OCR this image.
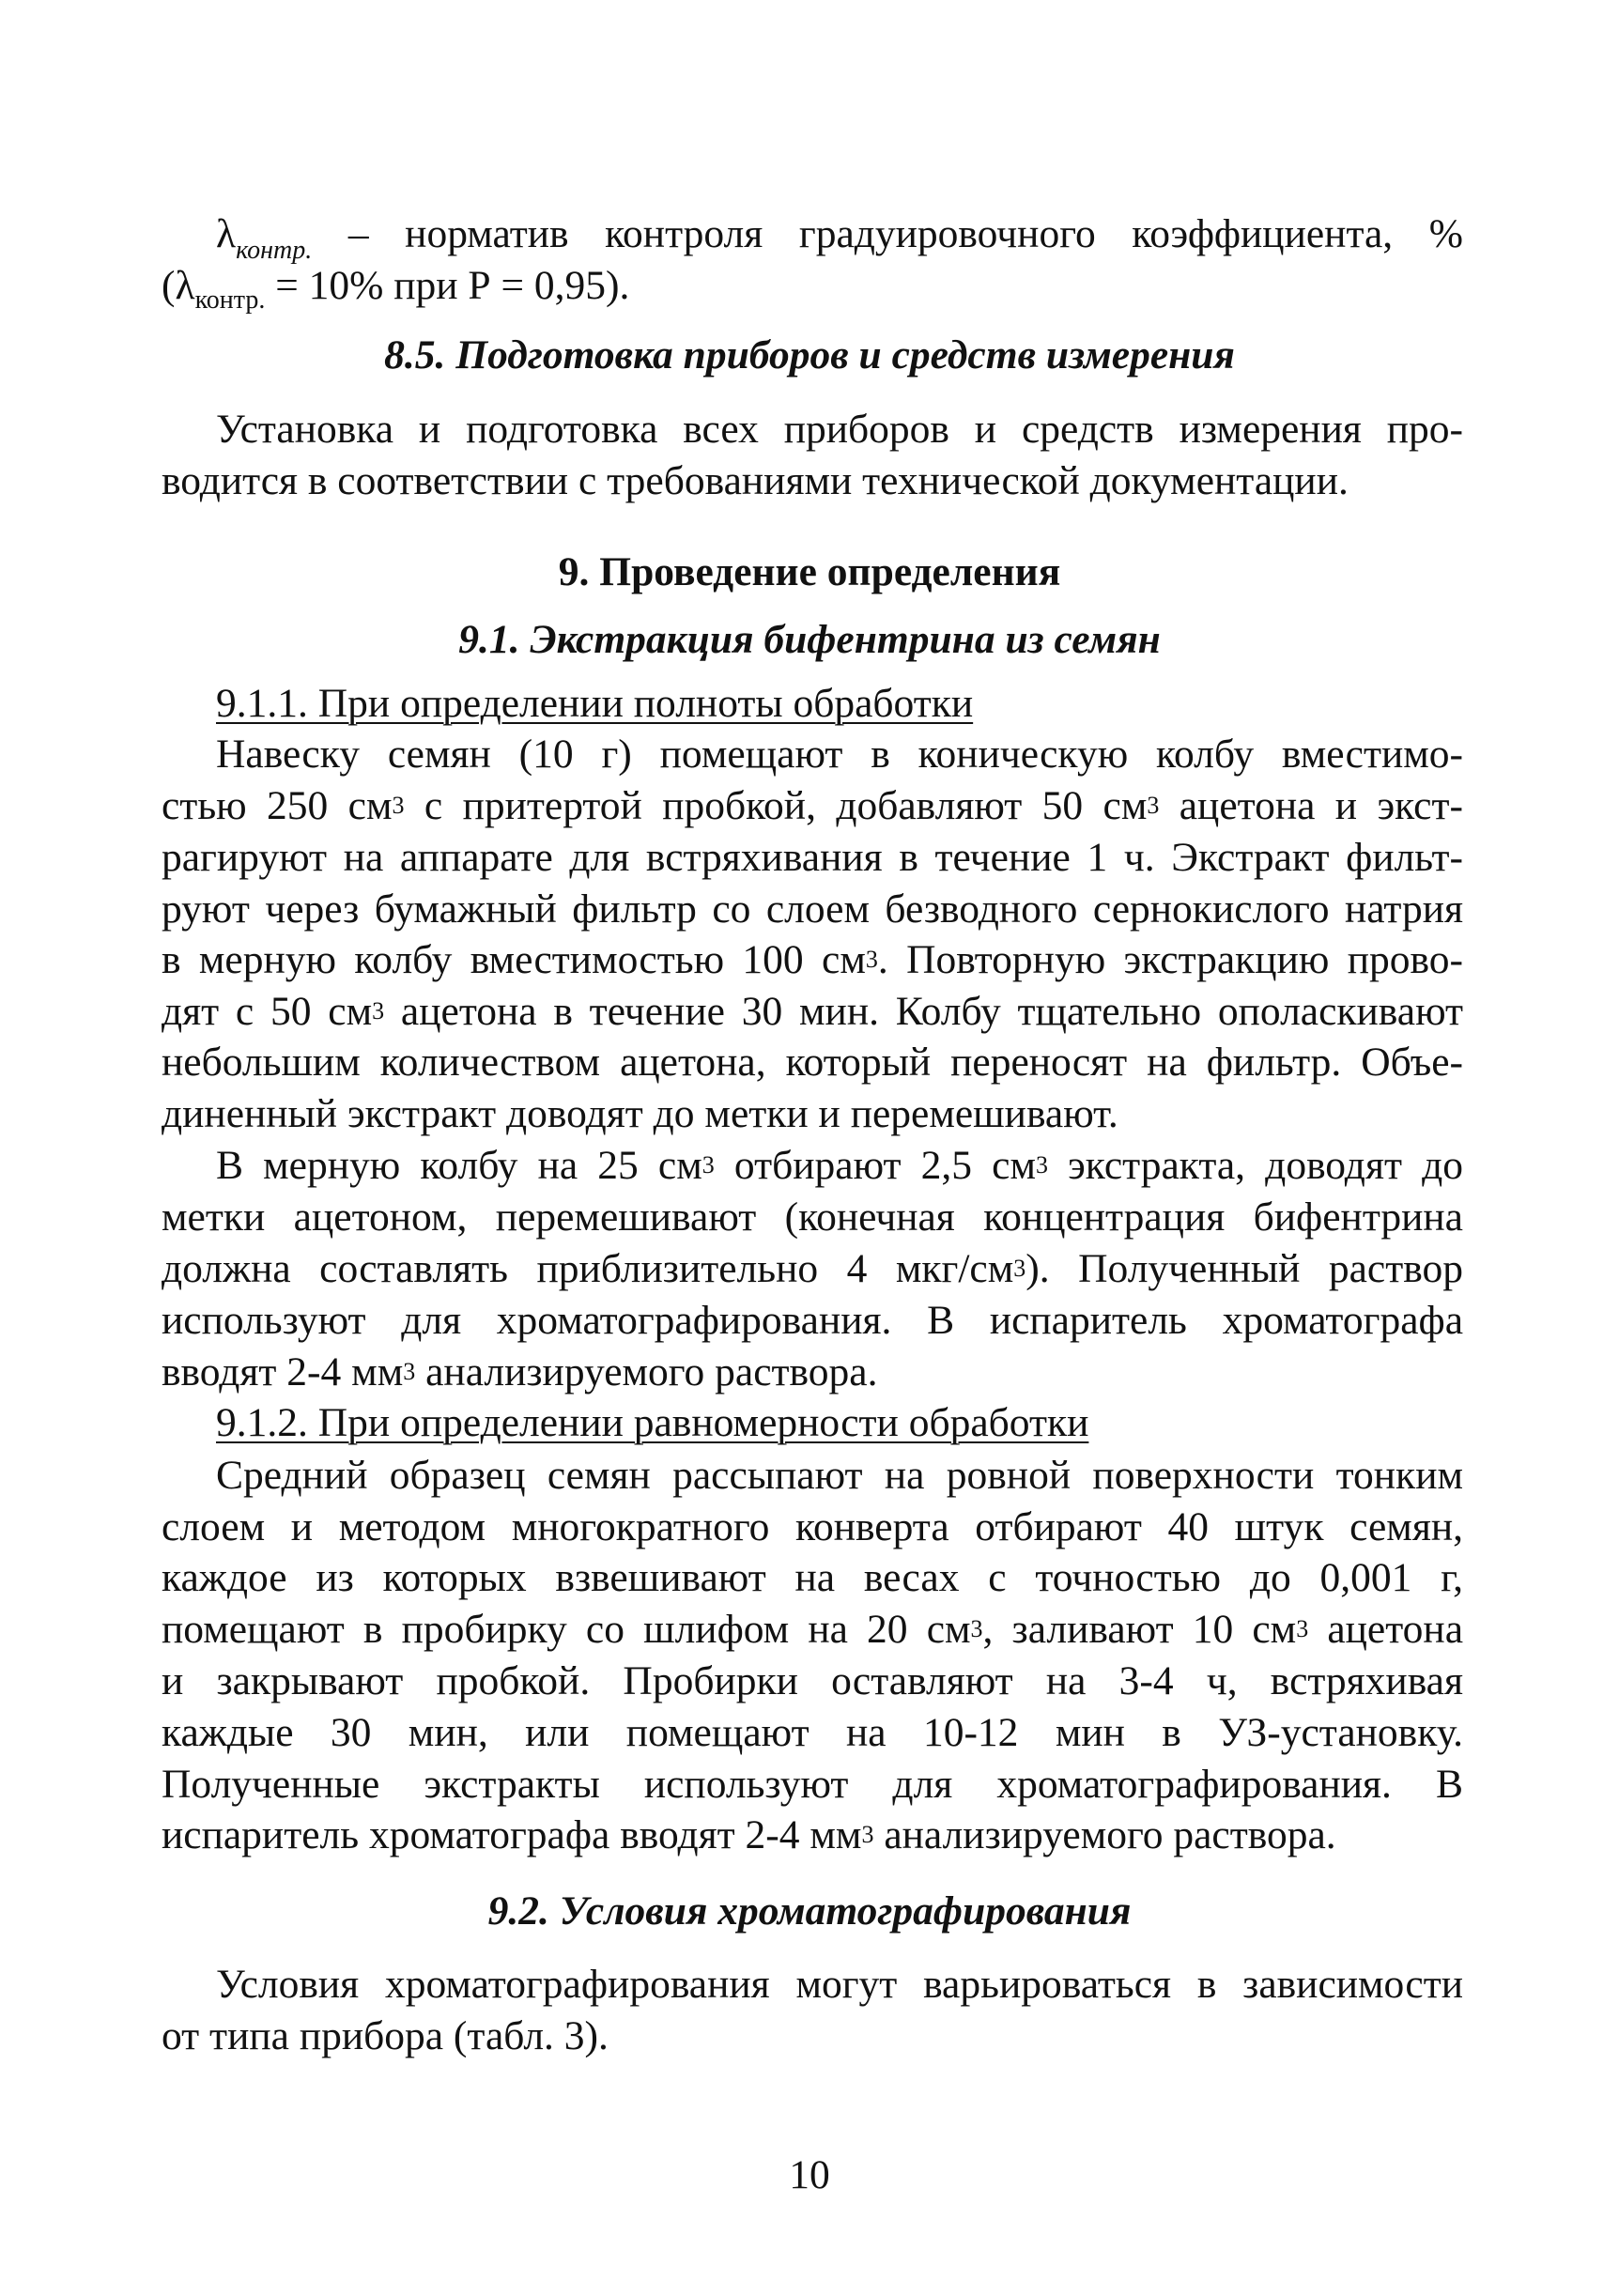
$\lambda_{контр.}$ – норматив контроля градуировочного коэффициента, %
($\lambda_{контр.} = 10\%$ при Р = 0,95).
8.5. Подготовка приборов и средств измерения
Установка и подготовка всех приборов и средств измерения про-
водится в соответствии с требованиями технической документации.
9. Проведение определения
9.1. Экстракция бифентрина из семян
9.1.1. При определении полноты обработки
Навеску семян (10 г) помещают в коническую колбу вместимо-
стью 250 $см^3$ с притертой пробкой, добавляют 50 $см^3$ ацетона и экст-
рагируют на аппарате для встряхивания в течение 1 ч. Экстракт фильт-
руют через бумажный фильтр со слоем безводного сернокислого натрия
в мерную колбу вместимостью 100 $см^3$. Повторную экстракцию прово-
дят с 50 $см^3$ ацетона в течение 30 мин. Колбу тщательно ополаскивают
небольшим количеством ацетона, который переносят на фильтр. Объе-
диненный экстракт доводят до метки и перемешивают.
В мерную колбу на 25 $см^3$ отбирают 2,5 $см^3$ экстракта, доводят до
метки ацетоном, перемешивают (конечная концентрация бифентрина
должна составлять приблизительно 4 мкг/$см^3$). Полученный раствор
используют для хроматографирования. В испаритель хроматографа
вводят 2-4 $мм^3$ анализируемого раствора.
9.1.2. При определении равномерности обработки
Средний образец семян рассыпают на ровной поверхности тонким
слоем и методом многократного конверта отбирают 40 штук семян,
каждое из которых взвешивают на весах с точностью до 0,001 г,
помещают в пробирку со шлифом на 20 $см^3$, заливают 10 $см^3$ ацетона
и закрывают пробкой. Пробирки оставляют на 3-4 ч, встряхивая
каждые 30 мин, или помещают на 10-12 мин в УЗ-установку.
Полученные экстракты используют для хроматографирования. В
испаритель хроматографа вводят 2-4 $мм^3$ анализируемого раствора.
9.2. Условия хроматографирования
Условия хроматографирования могут варьироваться в зависимости
от типа прибора (табл. 3).
10
